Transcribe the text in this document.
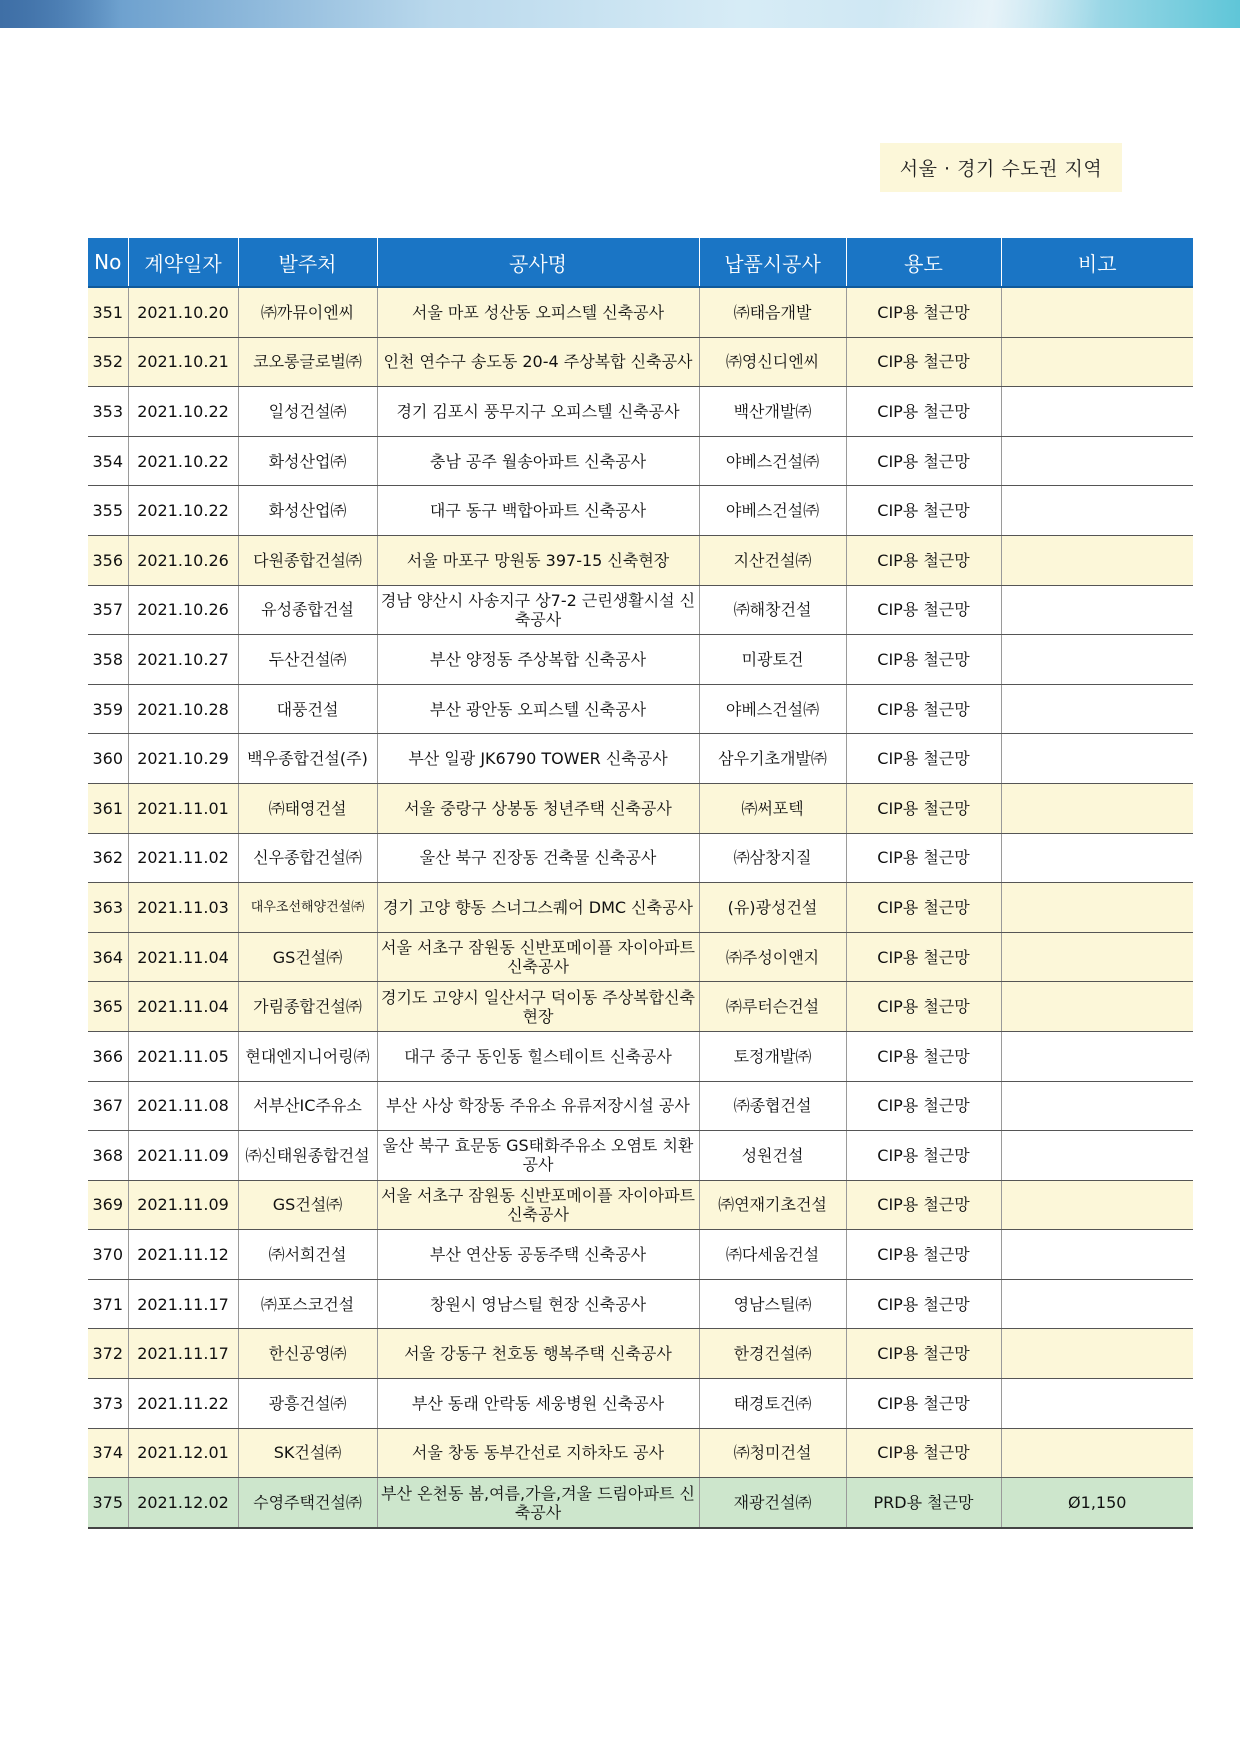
서울 · 경기 수도권 지역
No	계약일자	발주처	공사명	납품시공사	용도	비고
351	2021.10.20	㈜까뮤이엔씨	서울 마포 성산동 오피스텔 신축공사	㈜태음개발	CIP용 철근망	
352	2021.10.21	코오롱글로벌㈜	인천 연수구 송도동 20-4 주상복합 신축공사	㈜영신디엔씨	CIP용 철근망	
353	2021.10.22	일성건설㈜	경기 김포시 풍무지구 오피스텔 신축공사	백산개발㈜	CIP용 철근망	
354	2021.10.22	화성산업㈜	충남 공주 월송아파트 신축공사	야베스건설㈜	CIP용 철근망	
355	2021.10.22	화성산업㈜	대구 동구 백합아파트 신축공사	야베스건설㈜	CIP용 철근망	
356	2021.10.26	다원종합건설㈜	서울 마포구 망원동 397-15 신축현장	지산건설㈜	CIP용 철근망	
357	2021.10.26	유성종합건설	경남 양산시 사송지구 상7-2 근린생활시설 신축공사	㈜해창건설	CIP용 철근망	
358	2021.10.27	두산건설㈜	부산 양정동 주상복합 신축공사	미광토건	CIP용 철근망	
359	2021.10.28	대풍건설	부산 광안동 오피스텔 신축공사	야베스건설㈜	CIP용 철근망	
360	2021.10.29	백우종합건설(주)	부산 일광 JK6790 TOWER 신축공사	삼우기초개발㈜	CIP용 철근망	
361	2021.11.01	㈜태영건설	서울 중랑구 상봉동 청년주택 신축공사	㈜써포텍	CIP용 철근망	
362	2021.11.02	신우종합건설㈜	울산 북구 진장동 건축물 신축공사	㈜삼창지질	CIP용 철근망	
363	2021.11.03	대우조선해양건설㈜	경기 고양 향동 스너그스퀘어 DMC 신축공사	(유)광성건설	CIP용 철근망	
364	2021.11.04	GS건설㈜	서울 서초구 잠원동 신반포메이플 자이아파트 신축공사	㈜주성이앤지	CIP용 철근망	
365	2021.11.04	가림종합건설㈜	경기도 고양시 일산서구 덕이동 주상복합신축현장	㈜루터슨건설	CIP용 철근망	
366	2021.11.05	현대엔지니어링㈜	대구 중구 동인동 힐스테이트 신축공사	토정개발㈜	CIP용 철근망	
367	2021.11.08	서부산IC주유소	부산 사상 학장동 주유소 유류저장시설 공사	㈜종협건설	CIP용 철근망	
368	2021.11.09	㈜신태원종합건설	울산 북구 효문동 GS태화주유소 오염토 치환공사	성원건설	CIP용 철근망	
369	2021.11.09	GS건설㈜	서울 서초구 잠원동 신반포메이플 자이아파트 신축공사	㈜연재기초건설	CIP용 철근망	
370	2021.11.12	㈜서희건설	부산 연산동 공동주택 신축공사	㈜다세움건설	CIP용 철근망	
371	2021.11.17	㈜포스코건설	창원시 영남스틸 현장 신축공사	영남스틸㈜	CIP용 철근망	
372	2021.11.17	한신공영㈜	서울 강동구 천호동 행복주택 신축공사	한경건설㈜	CIP용 철근망	
373	2021.11.22	광흥건설㈜	부산 동래 안락동 세웅병원 신축공사	태경토건㈜	CIP용 철근망	
374	2021.12.01	SK건설㈜	서울 창동 동부간선로 지하차도 공사	㈜청미건설	CIP용 철근망	
375	2021.12.02	수영주택건설㈜	부산 온천동 봄,여름,가을,겨울 드림아파트 신축공사	재광건설㈜	PRD용 철근망	Ø1,150
